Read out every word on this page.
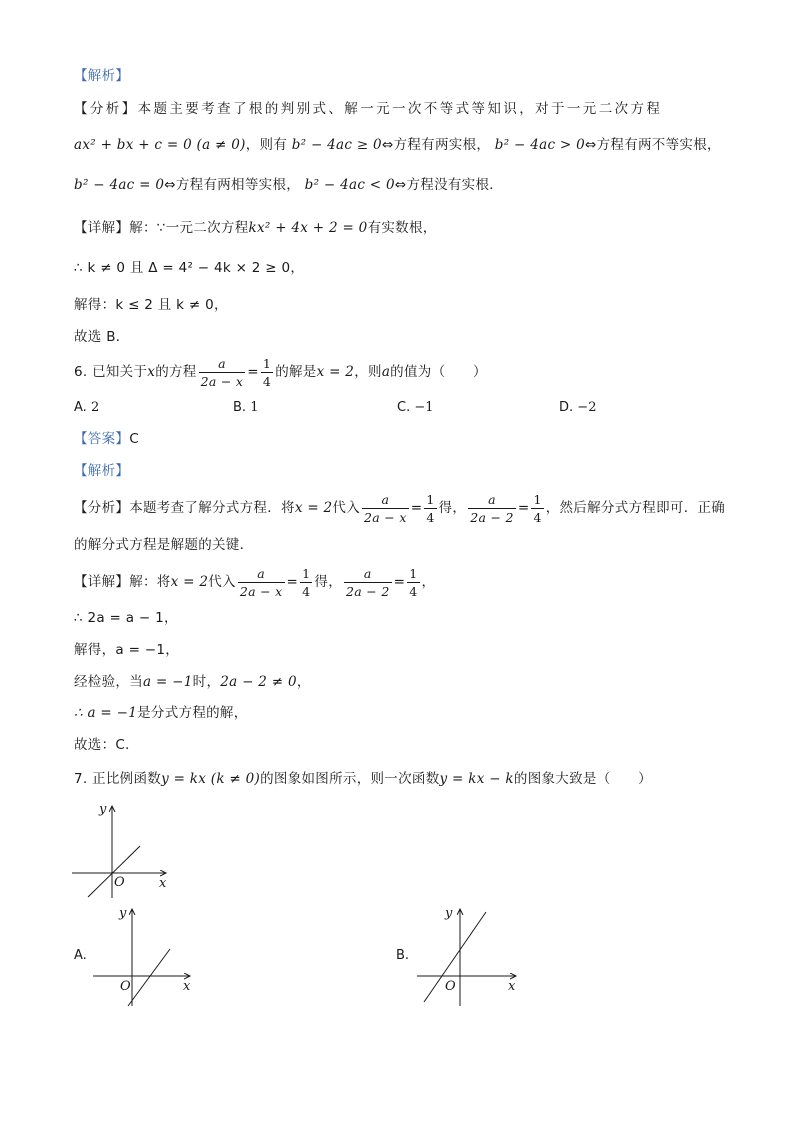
【解析】
【分析】本题主要考查了根的判别式、解一元一次不等式等知识，对于一元二次方程
ax² + bx + c = 0 (a ≠ 0)，则有 b² − 4ac ≥ 0⇔方程有两实根， b² − 4ac > 0⇔方程有两不等实根，
b² − 4ac = 0⇔方程有两相等实根， b² − 4ac < 0⇔方程没有实根．
【详解】解：∵一元二次方程kx² + 4x + 2 = 0有实数根，
∴ k ≠ 0 且 Δ = 4² − 4k × 2 ≥ 0，
解得：k ≤ 2 且 k ≠ 0，
故选 B．
6. 已知关于x的方程 $\frac{a}{2a - x} = \frac{1}{4}$ 的解是x = 2，则a的值为（　　）
A. 2	B. 1	C. −1	D. −2
【答案】C
【解析】
【分析】本题考查了解分式方程．将x = 2代入 $\frac{a}{2a - x} = \frac{1}{4}$ 得， $\frac{a}{2a - 2} = \frac{1}{4}$ ，然后解分式方程即可．正确
的解分式方程是解题的关键．
【详解】解：将x = 2代入 $\frac{a}{2a - x} = \frac{1}{4}$ 得， $\frac{a}{2a - 2} = \frac{1}{4}$ ，
∴ 2a = a − 1，
解得，a = −1，
经检验，当a = −1时，2a − 2 ≠ 0，
∴ a = −1是分式方程的解，
故选：C．
7. 正比例函数y = kx (k ≠ 0)的图象如图所示，则一次函数y = kx − k的图象大致是（　　）
y
O	x
A.
y
O	x
B.
y
O	x
